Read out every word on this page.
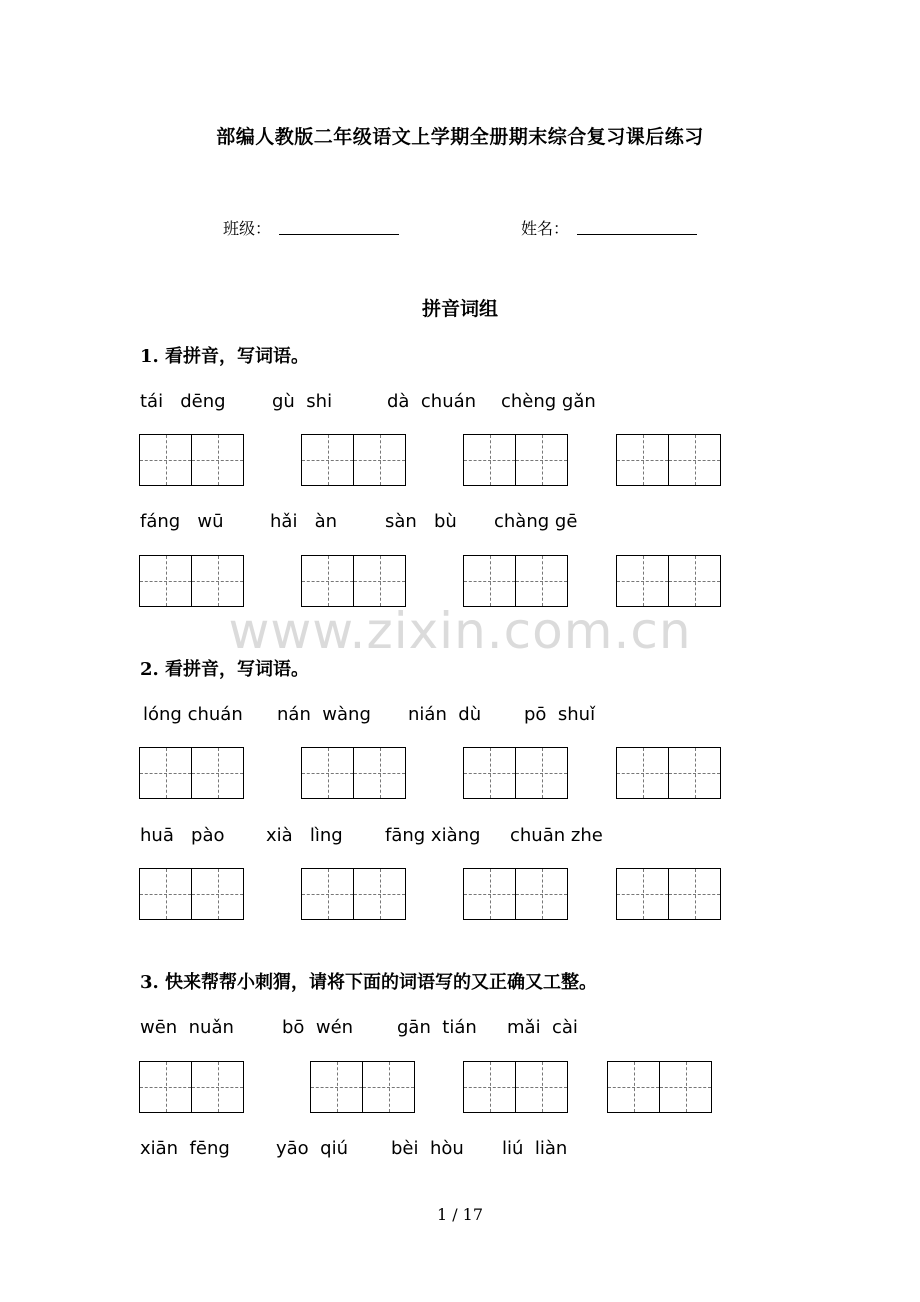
部编人教版二年级语文上学期全册期末综合复习课后练习
班级：	姓名：
拼音词组
1. 看拼音，写词语。
tái   dēng	gù  shi	dà  chuán chèng gǎn
fáng   wū	hǎi   àn	sàn   bù chàng gē
www.zixin.com.cn
2. 看拼音，写词语。
lóng chuán nán  wàng nián  dù pō  shuǐ
huā   pào xià   lìng fāng xiàng chuān zhe
3. 快来帮帮小刺猬，请将下面的词语写的又正确又工整。
wēn  nuǎn	bō  wén gān  tián mǎi  cài
xiān  fēng	yāo  qiú bèi  hòu liú  liàn
1 / 17
